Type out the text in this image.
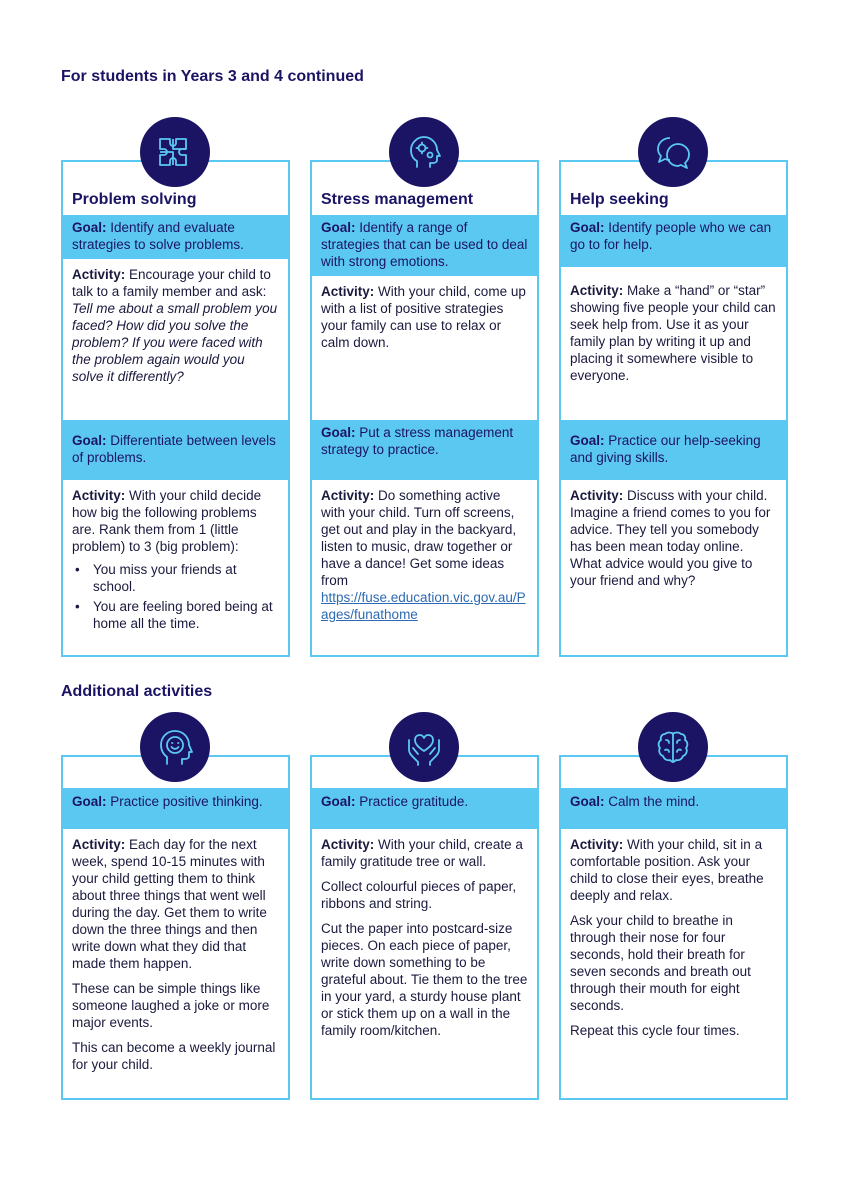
For students in Years 3 and 4 continued
Problem solving
Goal: Identify and evaluate strategies to solve problems.
Activity: Encourage your child to talk to a family member and ask: Tell me about a small problem you faced? How did you solve the problem? If you were faced with the problem again would you solve it differently?
Goal: Differentiate between levels of problems.
Activity: With your child decide how big the following problems are. Rank them from 1 (little problem) to 3 (big problem):
• You miss your friends at school.
• You are feeling bored being at home all the time.
Stress management
Goal: Identify a range of strategies that can be used to deal with strong emotions.
Activity: With your child, come up with a list of positive strategies your family can use to relax or calm down.
Goal: Put a stress management strategy to practice.
Activity: Do something active with your child. Turn off screens, get out and play in the backyard, listen to music, draw together or have a dance! Get some ideas from
https://fuse.education.vic.gov.au/Pages/funathome
Help seeking
Goal: Identify people who we can go to for help.
Activity: Make a “hand” or “star” showing five people your child can seek help from. Use it as your family plan by writing it up and placing it somewhere visible to everyone.
Goal: Practice our help-seeking and giving skills.
Activity: Discuss with your child. Imagine a friend comes to you for advice. They tell you somebody has been mean today online. What advice would you give to your friend and why?
Additional activities
Goal: Practice positive thinking.

Activity: Each day for the next week, spend 10-15 minutes with your child getting them to think about three things that went well during the day. Get them to write down the three things and then write down what they did that made them happen.

These can be simple things like someone laughed a joke or more major events.

This can become a weekly journal for your child.

Goal: Practice gratitude.

Activity: With your child, create a family gratitude tree or wall.

Collect colourful pieces of paper, ribbons and string.

Cut the paper into postcard-size pieces. On each piece of paper, write down something to be grateful about. Tie them to the tree in your yard, a sturdy house plant or stick them up on a wall in the family room/kitchen.

Goal: Calm the mind.

Activity: With your child, sit in a comfortable position. Ask your child to close their eyes, breathe deeply and relax.

Ask your child to breathe in through their nose for four seconds, hold their breath for seven seconds and breath out through their mouth for eight seconds.

Repeat this cycle four times.
